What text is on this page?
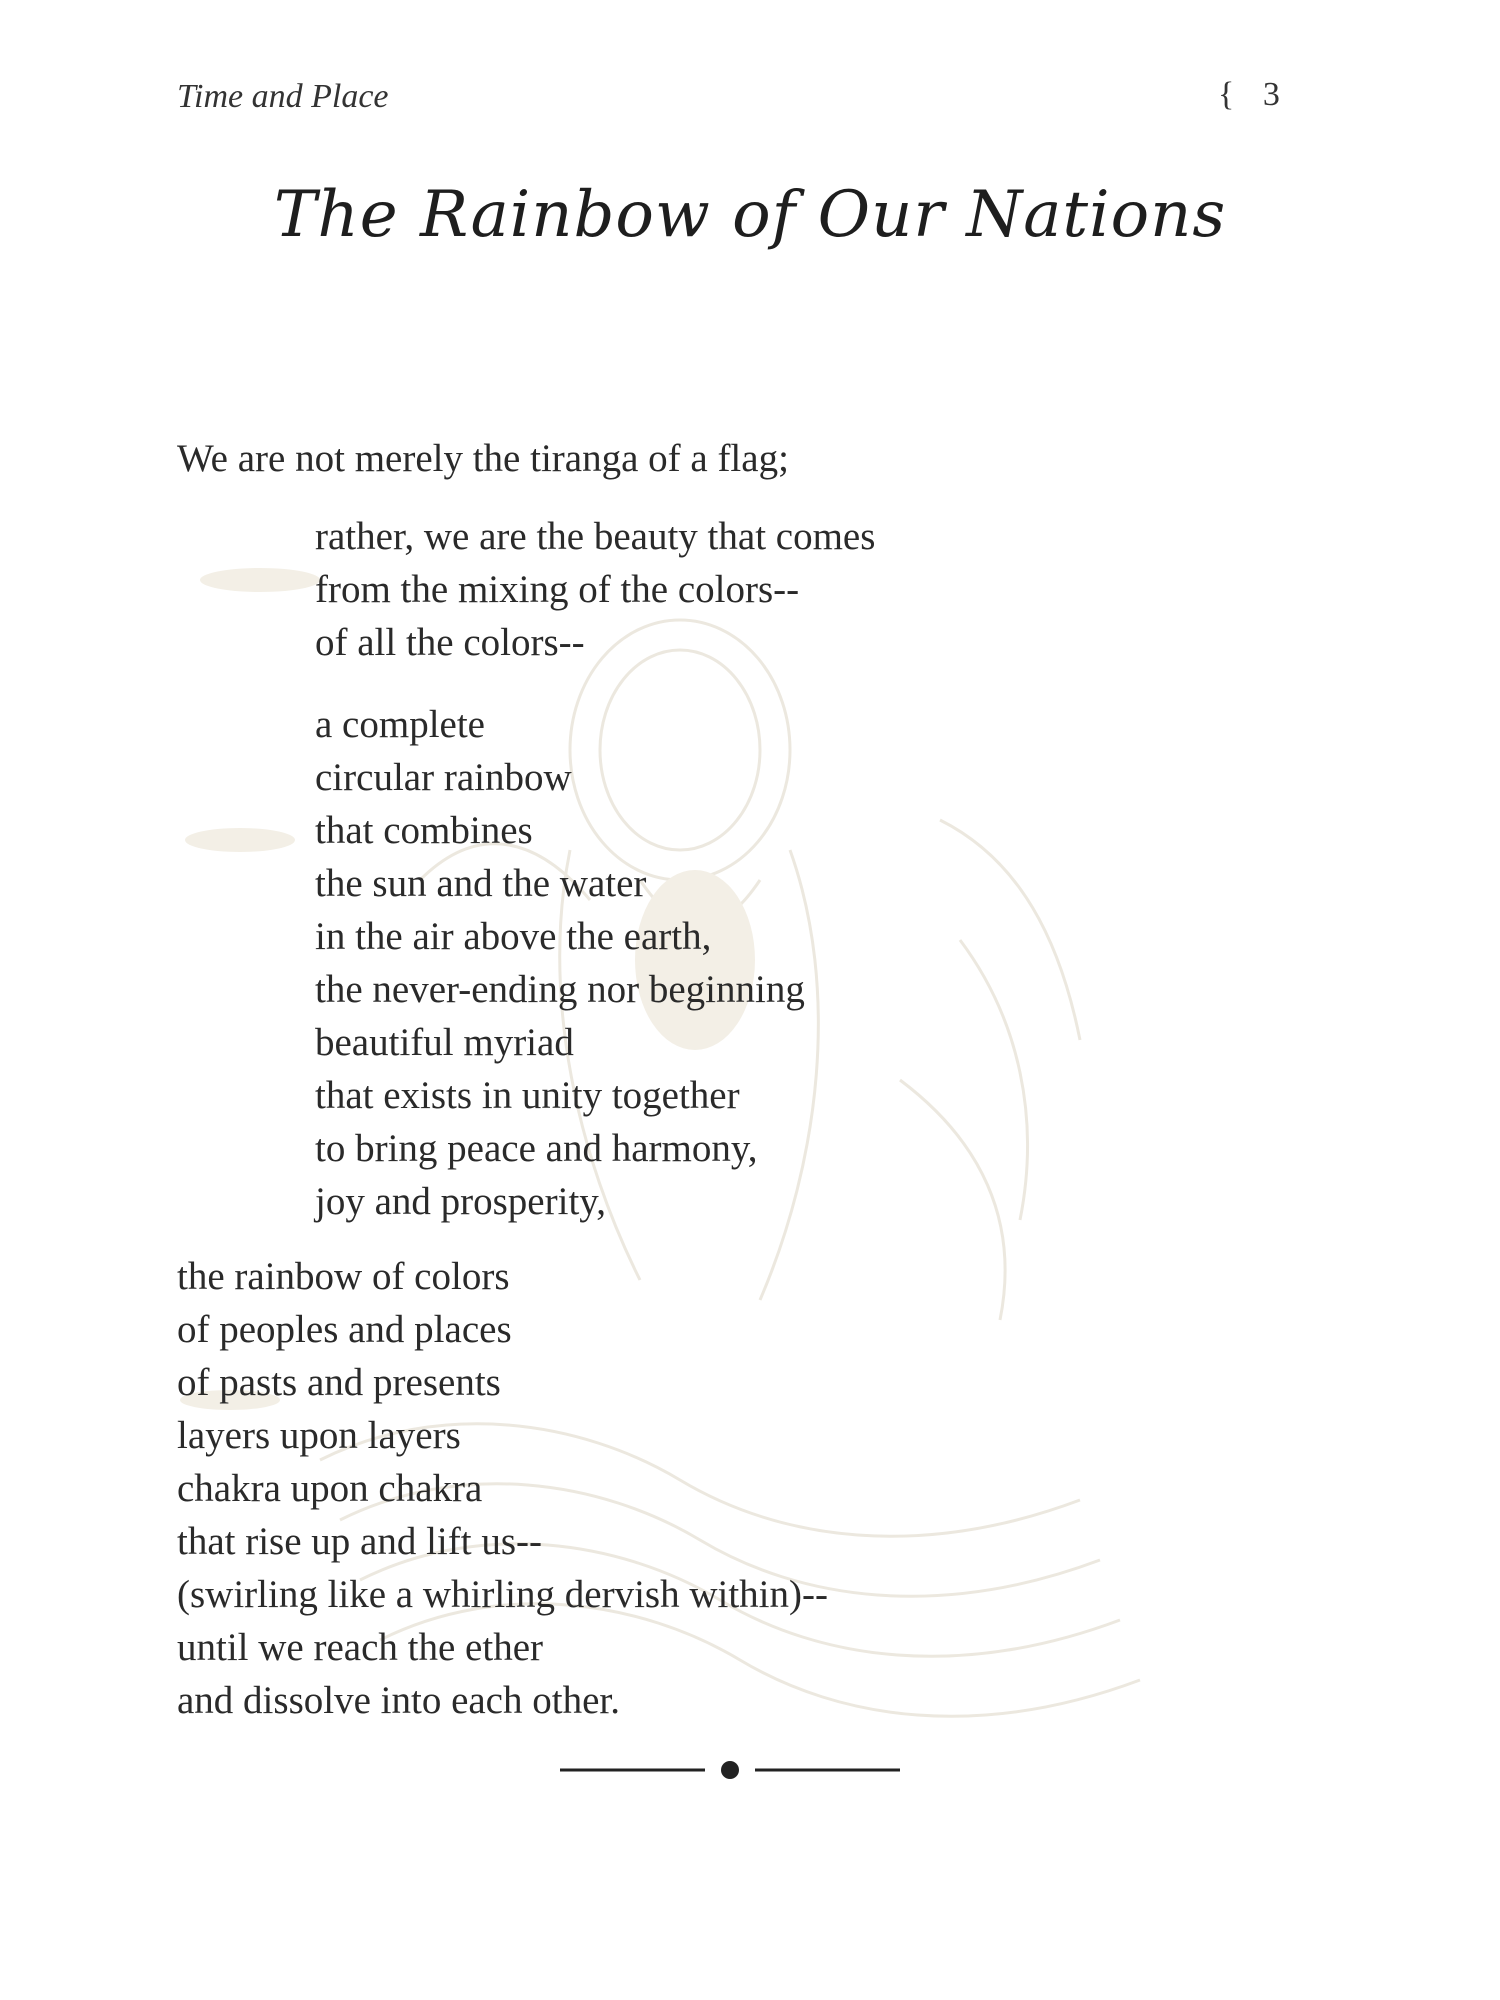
Time and Place	{ 3
The Rainbow of Our Nations
We are not merely the tiranga of a flag;
rather, we are the beauty that comes
from the mixing of the colors--
of all the colors--
a complete
circular rainbow
that combines
the sun and the water
in the air above the earth,
the never-ending nor beginning
beautiful myriad
that exists in unity together
to bring peace and harmony,
joy and prosperity,
the rainbow of colors
of peoples and places
of pasts and presents
layers upon layers
chakra upon chakra
that rise up and lift us--
(swirling like a whirling dervish within)--
until we reach the ether
and dissolve into each other.
